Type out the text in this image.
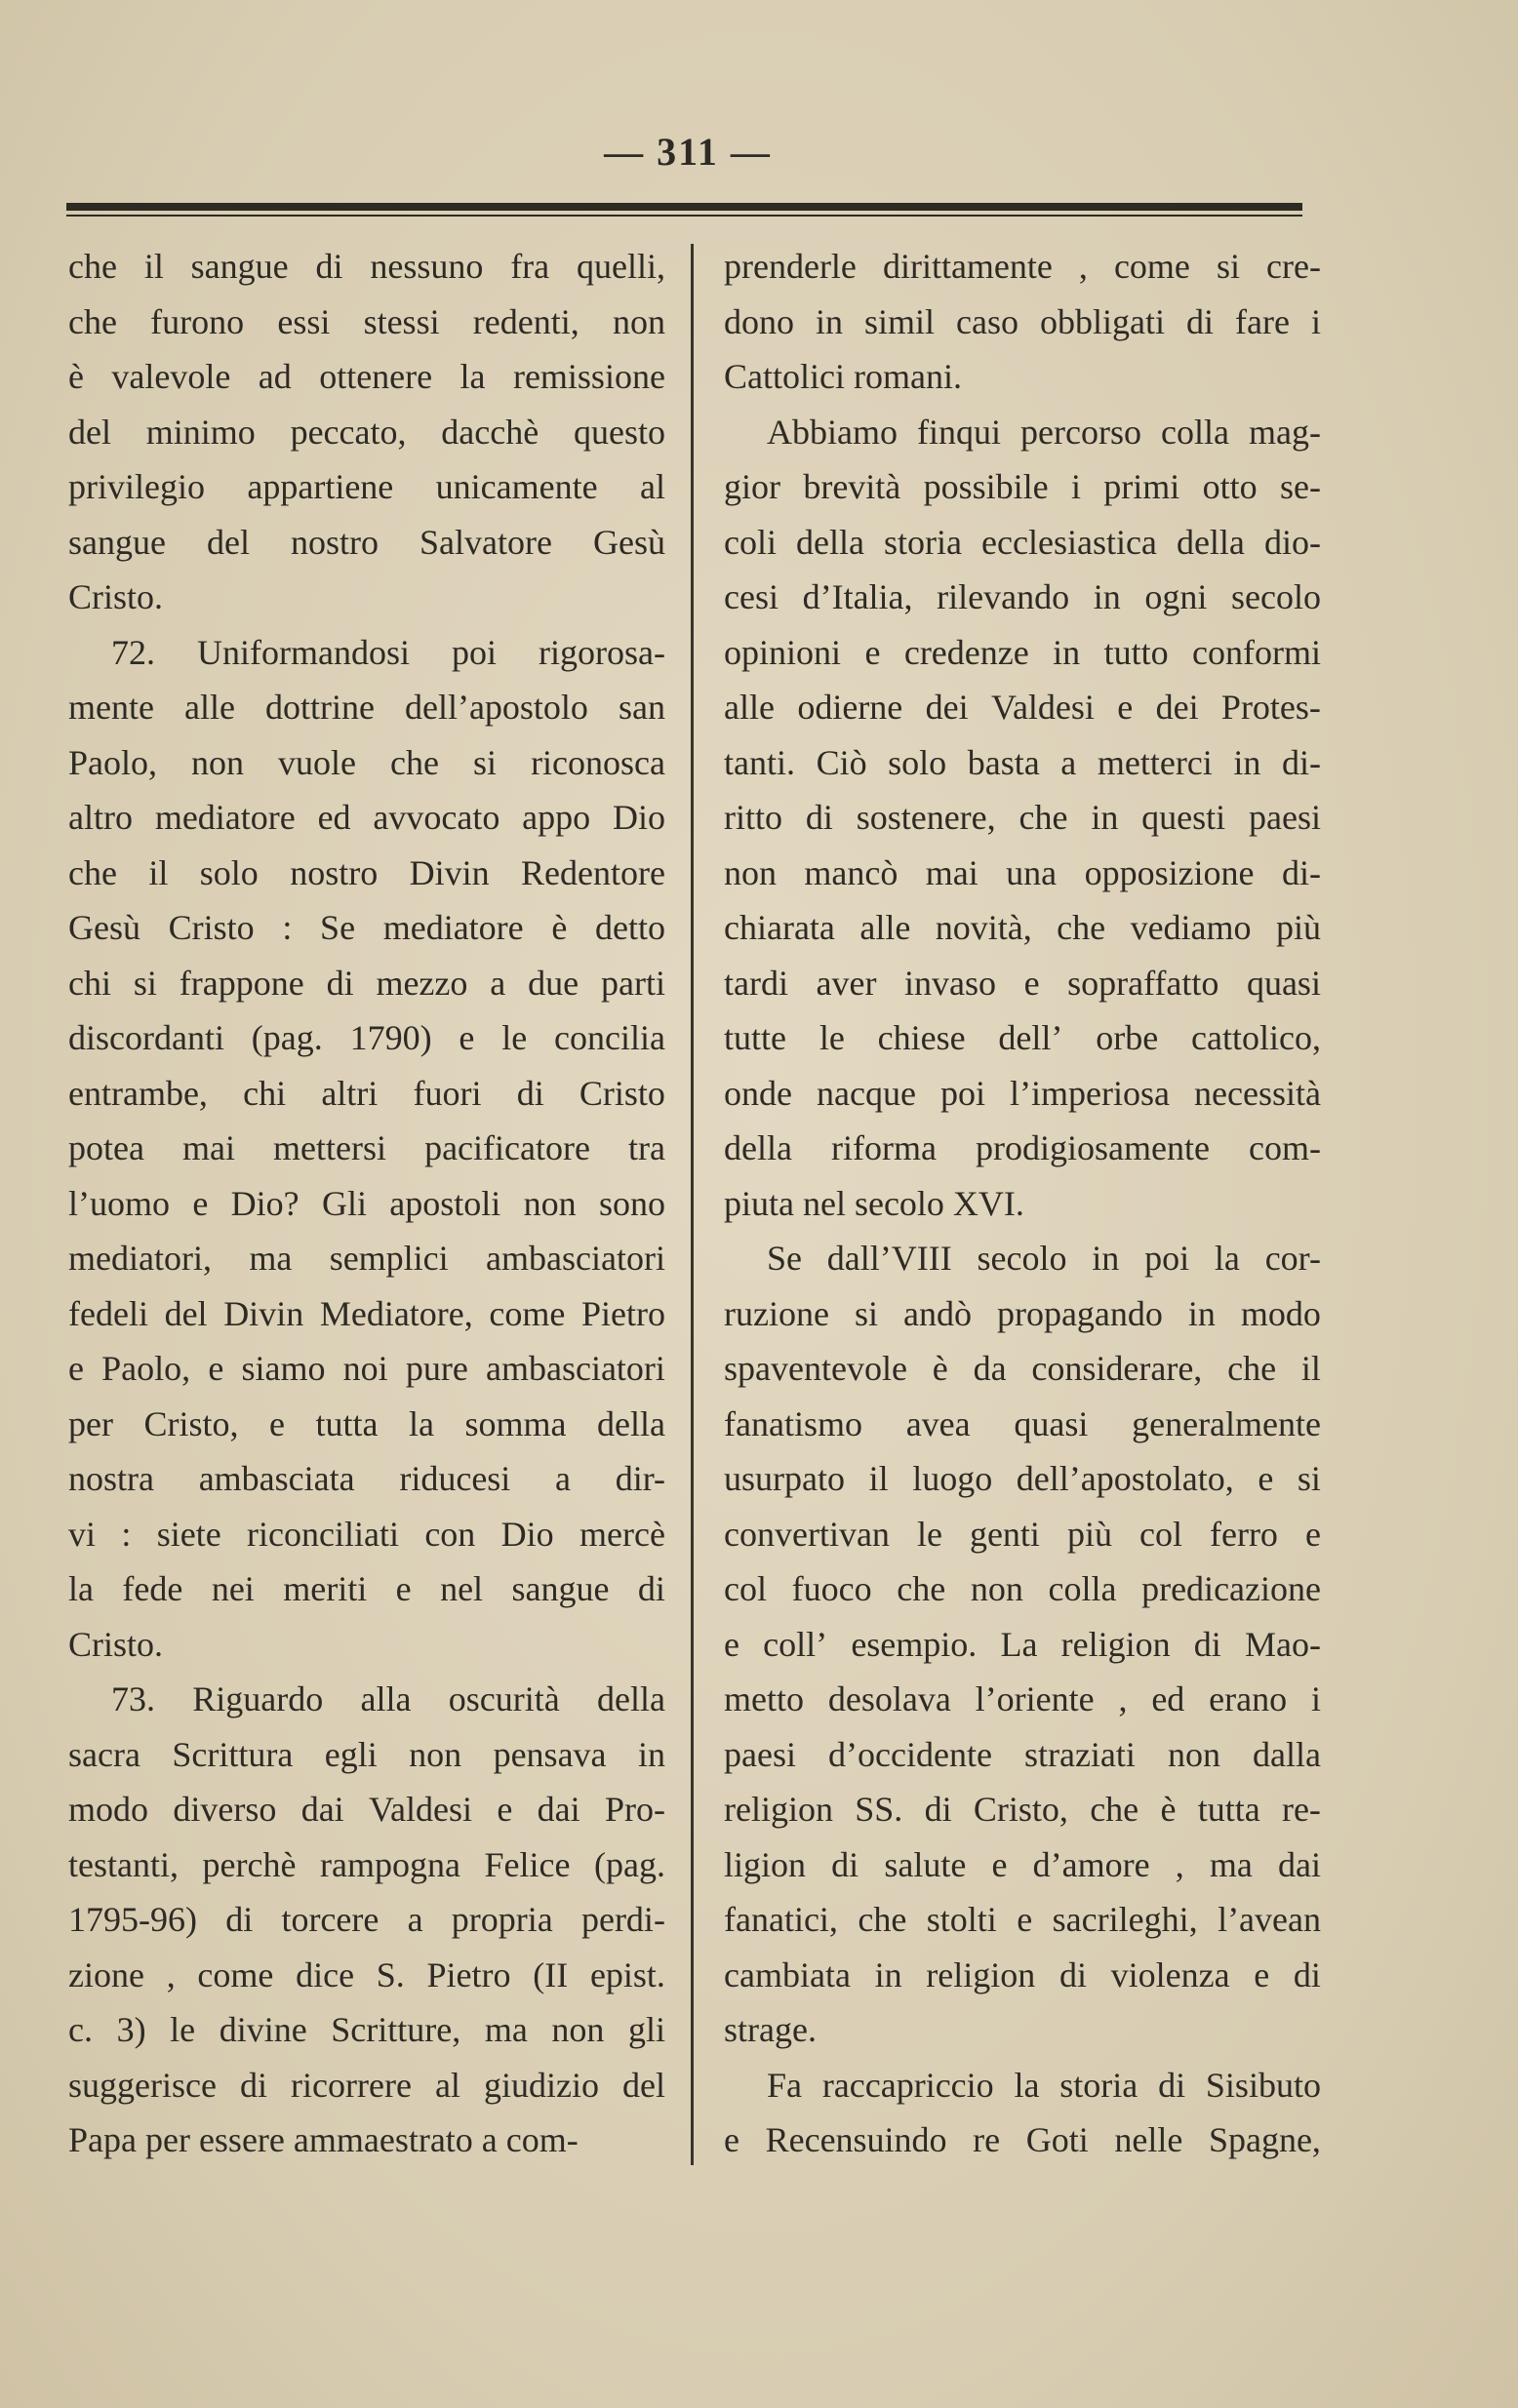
— 311 —
che il sangue di nessuno fra quelli,
che furono essi stessi redenti, non
è valevole ad ottenere la remissione
del minimo peccato, dacchè questo
privilegio appartiene unicamente al
sangue del nostro Salvatore Gesù
Cristo.
72. Uniformandosi poi rigorosa-
mente alle dottrine dell’apostolo san
Paolo, non vuole che si riconosca
altro mediatore ed avvocato appo Dio
che il solo nostro Divin Redentore
Gesù Cristo : Se mediatore è detto
chi si frappone di mezzo a due parti
discordanti (pag. 1790) e le concilia
entrambe, chi altri fuori di Cristo
potea mai mettersi pacificatore tra
l’uomo e Dio? Gli apostoli non sono
mediatori, ma semplici ambasciatori
fedeli del Divin Mediatore, come Pietro
e Paolo, e siamo noi pure ambasciatori
per Cristo, e tutta la somma della
nostra ambasciata riducesi a dir-
vi : siete riconciliati con Dio mercè
la fede nei meriti e nel sangue di
Cristo.
73. Riguardo alla oscurità della
sacra Scrittura egli non pensava in
modo diverso dai Valdesi e dai Pro-
testanti, perchè rampogna Felice (pag.
1795-96) di torcere a propria perdi-
zione , come dice S. Pietro (II epist.
c. 3) le divine Scritture, ma non gli
suggerisce di ricorrere al giudizio del
Papa per essere ammaestrato a com-
prenderle dirittamente , come si cre-
dono in simil caso obbligati di fare i
Cattolici romani.
Abbiamo finqui percorso colla mag-
gior brevità possibile i primi otto se-
coli della storia ecclesiastica della dio-
cesi d’Italia, rilevando in ogni secolo
opinioni e credenze in tutto conformi
alle odierne dei Valdesi e dei Protes-
tanti. Ciò solo basta a metterci in di-
ritto di sostenere, che in questi paesi
non mancò mai una opposizione di-
chiarata alle novità, che vediamo più
tardi aver invaso e sopraffatto quasi
tutte le chiese dell’ orbe cattolico,
onde nacque poi l’imperiosa necessità
della riforma prodigiosamente com-
piuta nel secolo XVI.
Se dall’VIII secolo in poi la cor-
ruzione si andò propagando in modo
spaventevole è da considerare, che il
fanatismo avea quasi generalmente
usurpato il luogo dell’apostolato, e si
convertivan le genti più col ferro e
col fuoco che non colla predicazione
e coll’ esempio. La religion di Mao-
metto desolava l’oriente , ed erano i
paesi d’occidente straziati non dalla
religion SS. di Cristo, che è tutta re-
ligion di salute e d’amore , ma dai
fanatici, che stolti e sacrileghi, l’avean
cambiata in religion di violenza e di
strage.
Fa raccapriccio la storia di Sisibuto
e Recensuindo re Goti nelle Spagne,
